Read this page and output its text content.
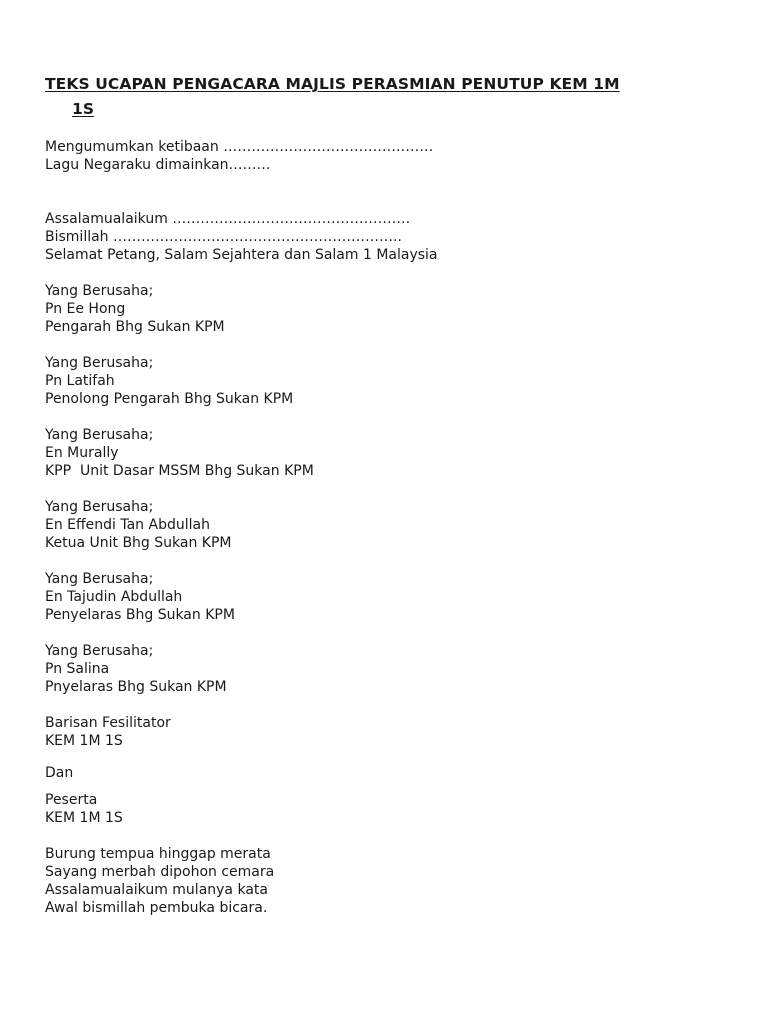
TEKS UCAPAN PENGACARA MAJLIS PERASMIAN PENUTUP KEM 1M
1S

Mengumumkan ketibaan ………………………………………

Lagu Negaraku dimainkan………

Assalamualaikum ……………………………………………

Bismillah ……………………………………………………..

Selamat Petang, Salam Sejahtera dan Salam 1 Malaysia

Yang Berusaha;

Pn Ee Hong

Pengarah Bhg Sukan KPM

Yang Berusaha;

Pn Latifah

Penolong Pengarah Bhg Sukan KPM

Yang Berusaha;

En Murally

KPP  Unit Dasar MSSM Bhg Sukan KPM

Yang Berusaha;

En Effendi Tan Abdullah

Ketua Unit Bhg Sukan KPM

Yang Berusaha;

En Tajudin Abdullah

Penyelaras Bhg Sukan KPM

Yang Berusaha;

Pn Salina

Pnyelaras Bhg Sukan KPM

Barisan Fesilitator

KEM 1M 1S

Dan

Peserta

KEM 1M 1S

Burung tempua hinggap merata

Sayang merbah dipohon cemara

Assalamualaikum mulanya kata

Awal bismillah pembuka bicara.
